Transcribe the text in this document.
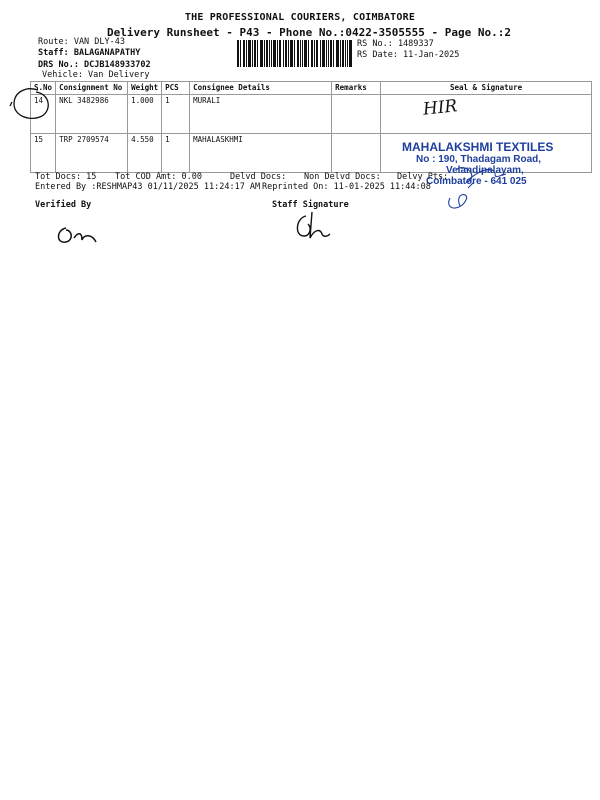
THE PROFESSIONAL COURIERS, COIMBATORE
Delivery Runsheet - P43 - Phone No.:0422-3505555 - Page No.:2
Route: VAN DLY-43
Staff: BALAGANAPATHY
DRS No.: DCJB148933702
Vehicle: Van Delivery
RS No.: 1489337
RS Date: 11-Jan-2025
S.No	Consignment No	Weight	PCS	Consignee Details	Remarks	Seal & Signature
14	NKL 3482986	1.000	1	MURALI		
15	TRP 2709574	4.550	1	MAHALASKHMI		
HIR
MAHALAKSHMI TEXTILES
No : 190, Thadagam Road,
Velandipalayam,
Coimbatore - 641 025
Tot Docs: 15 Tot COD Amt: 0.00	Delvd Docs: Non Delvd Docs: Delvy Pts:
Entered By :RESHMAP43 01/11/2025 11:24:17 AM Reprinted On: 11-01-2025 11:44:08
Verified By	Staff Signature
